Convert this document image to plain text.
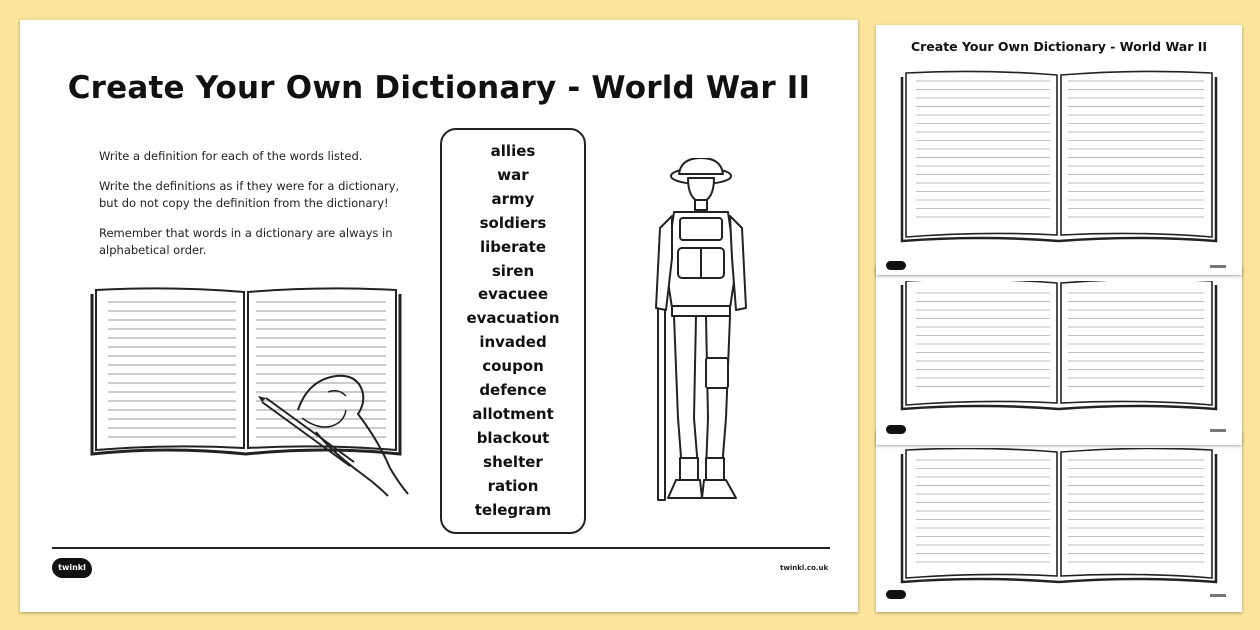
Create Your Own Dictionary - World War II

Write a definition for each of the words listed.

Write the definitions as if they were for a dictionary, but do not copy the definition from the dictionary!

Remember that words in a dictionary are always in alphabetical order.

allies
war
army
soldiers
liberate
siren
evacuee
evacuation
invaded
coupon
defence
allotment
blackout
shelter
ration
telegram
twinkl	twinkl.co.uk
Create Your Own Dictionary - World War II
